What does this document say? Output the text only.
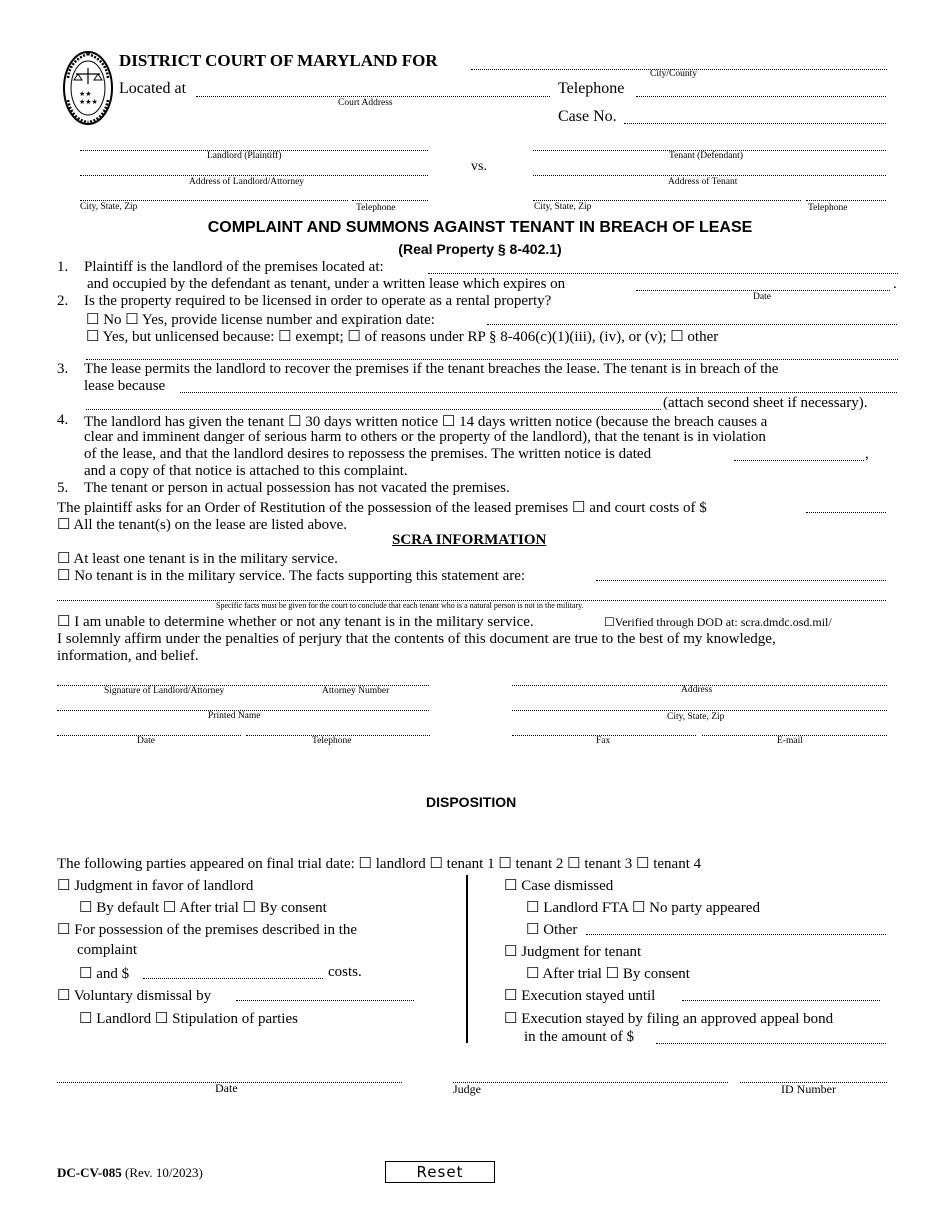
★★
★★★
DISTRICT COURT OF MARYLAND FOR
City/County
Located at
Court Address
Telephone
Case No.
Landlord (Plaintiff)
Address of Landlord/Attorney
City, State, Zip	Telephone
vs.
Tenant (Defendant)
Address of Tenant
City, State, Zip	Telephone
COMPLAINT AND SUMMONS AGAINST TENANT IN BREACH OF LEASE
(Real Property § 8-402.1)
1. Plaintiff is the landlord of the premises located at:
and occupied by the defendant as tenant, under a written lease which expires on	.
Date
2. Is the property required to be licensed in order to operate as a rental property?
☐ No ☐ Yes, provide license number and expiration date:
☐ Yes, but unlicensed because: ☐ exempt; ☐ of reasons under RP § 8-406(c)(1)(iii), (iv), or (v); ☐ other
3. The lease permits the landlord to recover the premises if the tenant breaches the lease. The tenant is in breach of the
lease because
(attach second sheet if necessary).
4. The landlord has given the tenant ☐ 30 days written notice ☐ 14 days written notice (because the breach causes a
clear and imminent danger of serious harm to others or the property of the landlord), that the tenant is in violation
of the lease, and that the landlord desires to repossess the premises. The written notice is dated	,
and a copy of that notice is attached to this complaint.
5. The tenant or person in actual possession has not vacated the premises.
The plaintiff asks for an Order of Restitution of the possession of the leased premises ☐ and court costs of $
☐ All the tenant(s) on the lease are listed above.
SCRA INFORMATION
☐ At least one tenant is in the military service.
☐ No tenant is in the military service. The facts supporting this statement are:
Specific facts must be given for the court to conclude that each tenant who is a natural person is not in the military.
☐ I am unable to determine whether or not any tenant is in the military service.	☐Verified through DOD at: scra.dmdc.osd.mil/
I solemnly affirm under the penalties of perjury that the contents of this document are true to the best of my knowledge,
information, and belief.
Signature of Landlord/Attorney	Attorney Number	Address
Printed Name	City, State, Zip
Date	Telephone	Fax	E-mail
DISPOSITION
The following parties appeared on final trial date: ☐ landlord ☐ tenant 1 ☐ tenant 2 ☐ tenant 3 ☐ tenant 4
☐ Judgment in favor of landlord
☐ By default ☐ After trial ☐ By consent
☐ For possession of the premises described in the
complaint
☐ and $	costs.
☐ Voluntary dismissal by
☐ Landlord ☐ Stipulation of parties
☐ Case dismissed
☐ Landlord FTA ☐ No party appeared
☐ Other
☐ Judgment for tenant
☐ After trial ☐ By consent
☐ Execution stayed until
☐ Execution stayed by filing an approved appeal bond
in the amount of $
Date	Judge	ID Number
DC-CV-085 (Rev. 10/2023)	Reset
